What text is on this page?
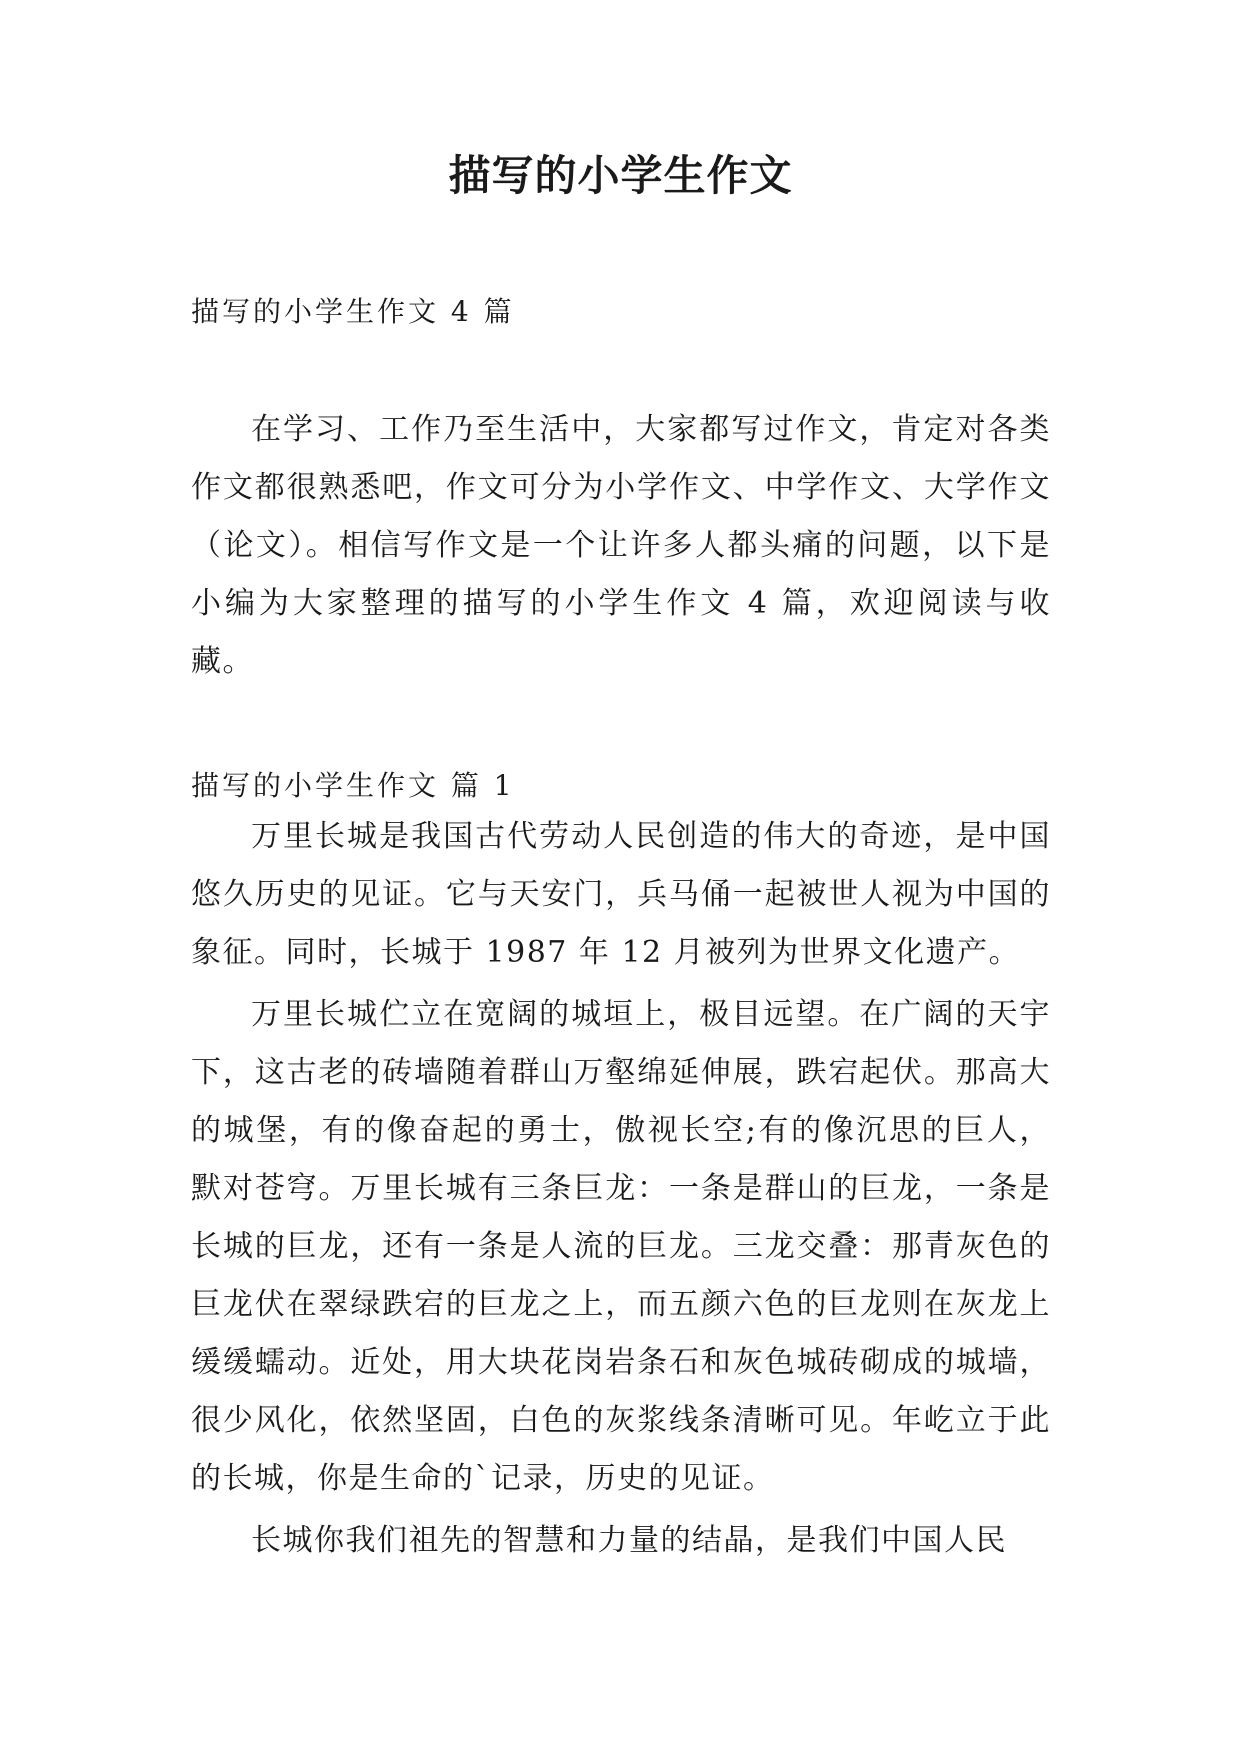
描写的小学生作文

描写的小学生作文 4 篇

在学习、工作乃至生活中，大家都写过作文，肯定对各类作文都很熟悉吧，作文可分为小学作文、中学作文、大学作文（论文）。相信写作文是一个让许多人都头痛的问题，以下是小编为大家整理的描写的小学生作文 4 篇，欢迎阅读与收藏。

描写的小学生作文 篇 1

万里长城是我国古代劳动人民创造的伟大的奇迹，是中国悠久历史的见证。它与天安门，兵马俑一起被世人视为中国的象征。同时，长城于 1987 年 12 月被列为世界文化遗产。

万里长城伫立在宽阔的城垣上，极目远望。在广阔的天宇下，这古老的砖墙随着群山万壑绵延伸展，跌宕起伏。那高大的城堡，有的像奋起的勇士，傲视长空;有的像沉思的巨人，默对苍穹。万里长城有三条巨龙：一条是群山的巨龙，一条是长城的巨龙，还有一条是人流的巨龙。三龙交叠：那青灰色的巨龙伏在翠绿跌宕的巨龙之上，而五颜六色的巨龙则在灰龙上缓缓蠕动。近处，用大块花岗岩条石和灰色城砖砌成的城墙，很少风化，依然坚固，白色的灰浆线条清晰可见。年屹立于此的长城，你是生命的`记录，历史的见证。

长城你我们祖先的智慧和力量的结晶，是我们中国人民
